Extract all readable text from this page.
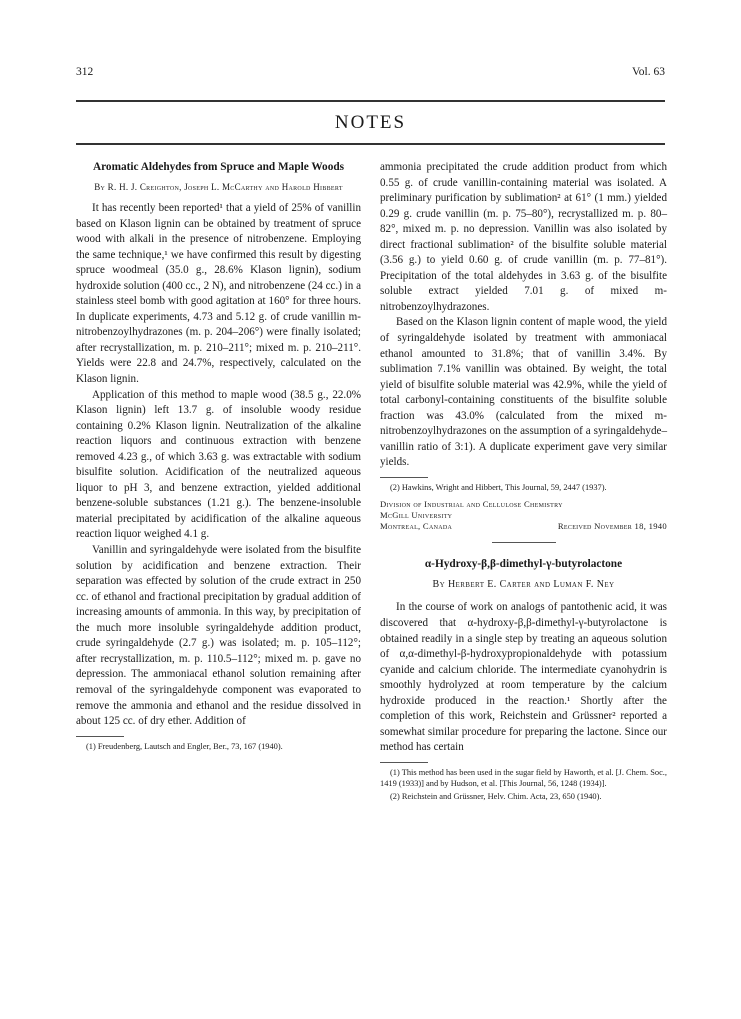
312	Vol. 63
NOTES
Aromatic Aldehydes from Spruce and Maple Woods
By R. H. J. Creighton, Joseph L. McCarthy and Harold Hibbert

It has recently been reported¹ that a yield of 25% of vanillin based on Klason lignin can be obtained by treatment of spruce wood with alkali in the presence of nitrobenzene. Employing the same technique,¹ we have confirmed this result by digesting spruce woodmeal (35.0 g., 28.6% Klason lignin), sodium hydroxide solution (400 cc., 2 N), and nitrobenzene (24 cc.) in a stainless steel bomb with good agitation at 160° for three hours. In duplicate experiments, 4.73 and 5.12 g. of crude vanillin m-nitrobenzoylhydrazones (m. p. 204–206°) were finally isolated; after recrystallization, m. p. 210–211°; mixed m. p. 210–211°. Yields were 22.8 and 24.7%, respectively, calculated on the Klason lignin.

Application of this method to maple wood (38.5 g., 22.0% Klason lignin) left 13.7 g. of insoluble woody residue containing 0.2% Klason lignin. Neutralization of the alkaline reaction liquors and continuous extraction with benzene removed 4.23 g., of which 3.63 g. was extractable with sodium bisulfite solution. Acidification of the neutralized aqueous liquor to pH 3, and benzene extraction, yielded additional benzene-soluble substances (1.21 g.). The benzene-insoluble material precipitated by acidification of the alkaline aqueous reaction liquor weighed 4.1 g.

Vanillin and syringaldehyde were isolated from the bisulfite solution by acidification and benzene extraction. Their separation was effected by solution of the crude extract in 250 cc. of ethanol and fractional precipitation by gradual addition of increasing amounts of ammonia. In this way, by precipitation of the much more insoluble syringaldehyde addition product, crude syringaldehyde (2.7 g.) was isolated; m. p. 105–112°; after recrystallization, m. p. 110.5–112°; mixed m. p. gave no depression. The ammoniacal ethanol solution remaining after removal of the syringaldehyde component was evaporated to remove the ammonia and ethanol and the residue dissolved in about 125 cc. of dry ether. Addition of

(1) Freudenberg, Lautsch and Engler, Ber., 73, 167 (1940).

ammonia precipitated the crude addition product from which 0.55 g. of crude vanillin-containing material was isolated. A preliminary purification by sublimation² at 61° (1 mm.) yielded 0.29 g. crude vanillin (m. p. 75–80°), recrystallized m. p. 80–82°, mixed m. p. no depression. Vanillin was also isolated by direct fractional sublimation² of the bisulfite soluble material (3.56 g.) to yield 0.60 g. of crude vanillin (m. p. 77–81°). Precipitation of the total aldehydes in 3.63 g. of the bisulfite soluble extract yielded 7.01 g. of mixed m-nitrobenzoylhydrazones.

Based on the Klason lignin content of maple wood, the yield of syringaldehyde isolated by treatment with ammoniacal ethanol amounted to 31.8%; that of vanillin 3.4%. By sublimation 7.1% vanillin was obtained. By weight, the total yield of bisulfite soluble material was 42.9%, while the yield of total carbonyl-containing constituents of the bisulfite soluble fraction was 43.0% (calculated from the mixed m-nitrobenzoylhydrazones on the assumption of a syringaldehyde–vanillin ratio of 3:1). A duplicate experiment gave very similar yields.

(2) Hawkins, Wright and Hibbert, This Journal, 59, 2447 (1937).

Division of Industrial and Cellulose Chemistry
McGill University
Montreal, Canada	Received November 18, 1940
α-Hydroxy-β,β-dimethyl-γ-butyrolactone
By Herbert E. Carter and Luman F. Ney

In the course of work on analogs of pantothenic acid, it was discovered that α-hydroxy-β,β-dimethyl-γ-butyrolactone is obtained readily in a single step by treating an aqueous solution of α,α-dimethyl-β-hydroxypropionaldehyde with potassium cyanide and calcium chloride. The intermediate cyanohydrin is smoothly hydrolyzed at room temperature by the calcium hydroxide produced in the reaction.¹ Shortly after the completion of this work, Reichstein and Grüssner² reported a somewhat similar procedure for preparing the lactone. Since our method has certain

(1) This method has been used in the sugar field by Haworth, et al. [J. Chem. Soc., 1419 (1933)] and by Hudson, et al. [This Journal, 56, 1248 (1934)].

(2) Reichstein and Grüssner, Helv. Chim. Acta, 23, 650 (1940).
